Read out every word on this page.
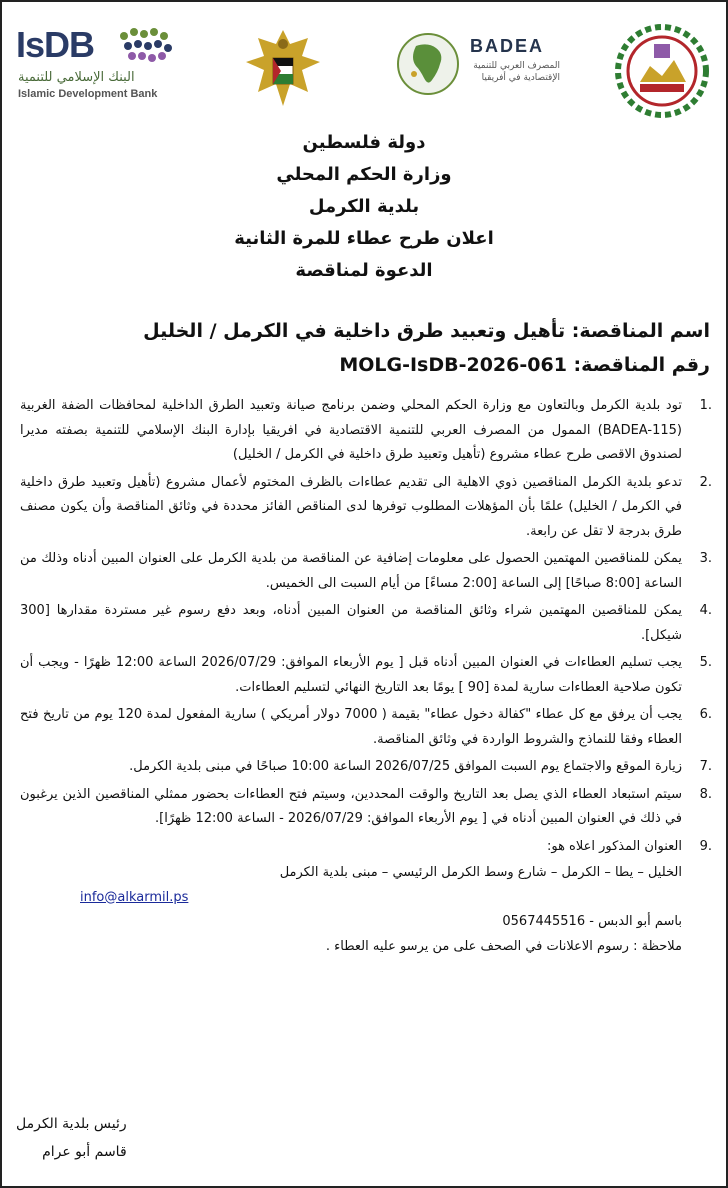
IsDB
البنك الإسلامي للتنمية
Islamic Development Bank
BADEA
المصرف العربي للتنمية الإقتصادية في أفريقيا
دولة فلسطين
وزارة الحكم المحلي
بلدية الكرمل
اعلان طرح عطاء للمرة الثانية
الدعوة لمناقصة
اسم المناقصة: تأهيل وتعبيد طرق داخلية في الكرمل / الخليل
رقم المناقصة: MOLG-IsDB-2026-061
.1
تود بلدية الكرمل وبالتعاون مع وزارة الحكم المحلي وضمن برنامج صيانة وتعبيد الطرق الداخلية لمحافظات الضفة الغربية (BADEA-115) الممول من المصرف العربي للتنمية الاقتصادية في افريقيا بإدارة البنك الإسلامي للتنمية بصفته مديرا لصندوق الاقصى طرح عطاء مشروع (تأهيل وتعبيد طرق داخلية في الكرمل / الخليل)
.2
تدعو بلدية الكرمل المناقصين ذوي الاهلية الى تقديم عطاءات بالظرف المختوم لأعمال مشروع (تأهيل وتعبيد طرق داخلية في الكرمل / الخليل) علمًا بأن المؤهلات المطلوب توفرها لدى المناقص الفائز محددة في وثائق المناقصة وأن يكون مصنف طرق بدرجة لا تقل عن رابعة.
.3
يمكن للمناقصين المهتمين الحصول على معلومات إضافية عن المناقصة من بلدية الكرمل على العنوان المبين أدناه وذلك من الساعة [8:00 صباحًا] إلى الساعة [2:00 مساءً] من أيام السبت الى الخميس.
.4
يمكن للمناقصين المهتمين شراء وثائق المناقصة من العنوان المبين أدناه، وبعد دفع رسوم غير مستردة مقدارها [300 شيكل].
.5
يجب تسليم العطاءات في العنوان المبين أدناه قبل [ يوم الأربعاء الموافق: 2026/07/29 الساعة 12:00 ظهرًا - ويجب أن تكون صلاحية العطاءات سارية لمدة [90 ] يومًا بعد التاريخ النهائي لتسليم العطاءات.
.6
يجب أن يرفق مع كل عطاء "كفالة دخول عطاء" بقيمة ( 7000 دولار أمريكي ) سارية المفعول لمدة 120 يوم من تاريخ فتح العطاء وفقا للنماذج والشروط الواردة في وثائق المناقصة.
.7
زيارة الموقع والاجتماع يوم السبت الموافق 2026/07/25 الساعة 10:00 صباحًا في مبنى بلدية الكرمل.
.8
سيتم استبعاد العطاء الذي يصل بعد التاريخ والوقت المحددين، وسيتم فتح العطاءات بحضور ممثلي المناقصين الذين يرغبون في ذلك في العنوان المبين أدناه في [ يوم الأربعاء الموافق: 2026/07/29 - الساعة 12:00 ظهرًا].
.9
العنوان المذكور اعلاه هو:
الخليل – يطا – الكرمل – شارع وسط الكرمل الرئيسي – مبنى بلدية الكرمل
info@alkarmil.ps
باسم أبو الدبس - 0567445516
ملاحظة : رسوم الاعلانات في الصحف على من يرسو عليه العطاء .
رئيس بلدية الكرمل
قاسم أبو عرام
